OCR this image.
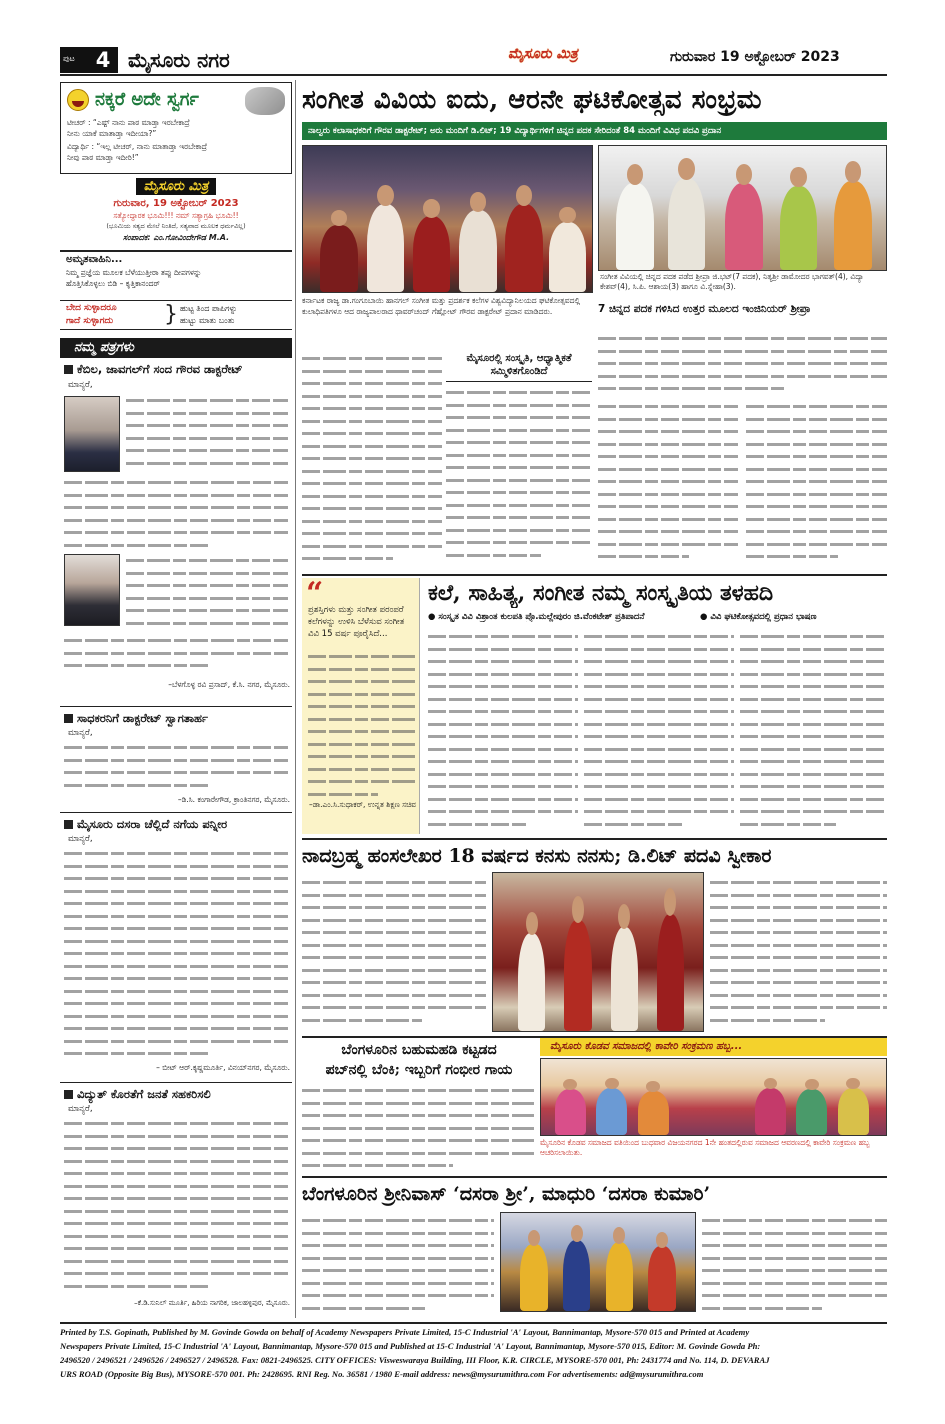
ಪುಟ 4 ಮೈಸೂರು ನಗರ	ಮೈಸೂರು ಮಿತ್ರ	ಗುರುವಾರ 19 ಅಕ್ಟೋಬರ್ 2023
ನಕ್ಕರೆ ಅದೇ ಸ್ವರ್ಗ
ಟೀಚರ್ : “ಎಷ್ಟ್ ನಾನು ಪಾಠ ಮಾಡ್ತಾ ಇರಬೇಕಾದ್ರೆ
ನೀನು ಯಾಕೆ ಮಾತಾಡ್ತಾ ಇದೀಯಾ?”
ವಿದ್ಯಾರ್ಥಿ : “ಇಲ್ಲ ಟೀಚರ್, ನಾನು ಮಾತಾಡ್ತಾ ಇರಬೇಕಾದ್ರೆ
ನೀವು ಪಾಠ ಮಾಡ್ತಾ ಇದೀರಿ!”
ಮೈಸೂರು ಮಿತ್ರ
ಗುರುವಾರ, 19 ಅಕ್ಟೋಬರ್ 2023
ಸತ್ಯೋದ್ಧಾರಕ ಭೂಮಿ!!! ನಮ್ ಸತ್ಯಾಗ್ರಹಿ ಭೂಮಿ!!
(ಭೂಮಿಯ ಸತ್ಯದ ಮೇಲೆ ನಿಂತಿದೆ, ಸತ್ಯವಾದ ಮೂಲಕ ಧರ್ಮವಿಲ್ಲ)
ಸಂಪಾದಕ: ಎಂ.ಗೋವಿಂದೇಗೌಡ M.A.
ಅಮೃತವಾಹಿನಿ...
ನಿಮ್ಮ ಪ್ರಜ್ಞೆಯ ಮೂಲಕ ಬೆಳೆಯುತ್ತೀರಾ ತಪ್ಪು ದೀಪಗಳನ್ನು
ಹೊತ್ತಿಸಿಕೊಳ್ಳಲು ಬಿಡಿ – ಕೃತ್ತಿಕಾನಂದರ್
ಬೇದ ಸುಳ್ಳಾದರೂ
ಗಾದೆ ಸುಳ್ಳಾಗದು } ಹುಟ್ಟ ತಿಂದ ಪಾಪಿಗಳ್ನು
ಹುಟ್ಟು ಮಾತು ಬಂತು
ನಮ್ಮ ಪತ್ರಗಳು
ಕೆಬಿಲ, ಜಾವಗಲ್‌ಗೆ ಸಂದ ಗೌರವ ಡಾಕ್ಟರೇಟ್
ಮಾನ್ಯರೆ,
–ಬೆಳಗೊಳ್ಳ ರವಿ ಪ್ರಸಾದ್, ಕೆ.ಸಿ. ನಗರ, ಮೈಸೂರು.
ಸಾಧಕರನಿಗೆ ಡಾಕ್ಟರೇಟ್ ಸ್ವಾಗತಾರ್ಹ
ಮಾನ್ಯರೆ,
–ಡಿ.ಸಿ. ಕಂಗಾರೇಗೌಡ, ಕ್ರಾಂತಿನಗರ, ಮೈಸೂರು.
ಮೈಸೂರು ದಸರಾ ಚೆಲ್ಲಿದೆ ನಗೆಯ ಪನ್ನೀರ
ಮಾನ್ಯರೆ,
– ಬೀಟ್ ಆರ್.ಕೃಷ್ಣಮೂರ್ತಿ, ವಿನಯ್‌ನಗರ, ಮೈಸೂರು.
ವಿದ್ಯುತ್ ಕೊರತೆಗೆ ಜನತೆ ಸಹಕರಿಸಲಿ
ಮಾನ್ಯರೆ,
–ಕೆ.ಡಿ.ಸುನಿಲ್ ಮೂರ್ತಿ, ಹಿರಿಯ ನಾಗರಿಕ, ಜಾಲಹಳ್ಳಿಪುರ, ಮೈಸೂರು.
ಸಂಗೀತ ವಿವಿಯ ಐದು, ಆರನೇ ಘಟಿಕೋತ್ಸವ ಸಂಭ್ರಮ
ನಾಲ್ವರು ಕಲಾಸಾಧಕರಿಗೆ ಗೌರವ ಡಾಕ್ಟರೇಟ್; ಅರು ಮಂದಿಗೆ ಡಿ.ಲಿಟ್; 19 ವಿದ್ಯಾರ್ಥಿಗಳಿಗೆ ಚಿನ್ನದ ಪದಕ ಸೇರಿದಂತೆ 84 ಮಂದಿಗೆ ವಿವಿಧ ಪದವಿ ಪ್ರದಾನ
ಸಂಗೀತ ವಿವಿಯಲ್ಲಿ ಚಿನ್ನದ ಪದಕ ಪಡೆದ ಶ್ರೀಪ್ರಾ ಜಿ.ಭಟ್(7 ಪದಕ), ನಿತ್ಯಶ್ರೀ ಡಾಮೋದರ ಭಾಗವತ್(4), ವಿದ್ಯಾ ಕೇಶವ್(4), ಸಿ.ಪಿ. ಆಶಾಯ(3) ಹಾಗೂ ವಿ.ಸ್ನೇಹಾ(3).
ಕರ್ನಾಟಕ ರಾಜ್ಯ ಡಾ.ಗಂಗೂಬಾಯಿ ಹಾನಗಲ್ ಸಂಗೀತ ಮತ್ತು ಪ್ರದರ್ಶಕ ಕಲೆಗಳ ವಿಶ್ವವಿದ್ಯಾನಿಲಯದ ಘಟಿಕೋತ್ಸವದಲ್ಲಿ ಕುಲಾಧಿಪತಿಗಳೂ ಆದ ರಾಜ್ಯಪಾಲರಾದ ಥಾವರ್‌ಚಂದ್ ಗೆಹ್ಲೋಟ್ ಗೌರವ ಡಾಕ್ಟರೇಟ್ ಪ್ರದಾನ ಮಾಡಿದರು.
ಮೈಸೂರಲ್ಲಿ ಸಂಸ್ಕೃತಿ, ಆಧ್ಯಾತ್ಮಿಕತೆ ಸಮ್ಮಿಳಿತಗೊಂಡಿದೆ
7 ಚಿನ್ನದ ಪದಕ ಗಳಿಸಿದ ಉತ್ತರ ಮೂಲದ ಇಂಜಿನಿಯರ್ ಶ್ರೀಪ್ರಾ
“
ಪ್ರಶಸ್ತಿಗಳು ಮತ್ತು ಸಂಗೀತ ಪರಂಪರೆ ಕಲೆಗಳನ್ನು ಉಳಿಸಿ ಬೆಳೆಸುವ ಸಂಗೀತ ವಿವಿ 15 ವರ್ಷ ಪೂರೈಸಿದೆ...
–ಡಾ.ಎಂ.ಸಿ.ಸುಧಾಕರ್, ಉನ್ನತ ಶಿಕ್ಷಣ ಸಚಿವ
ಕಲೆ, ಸಾಹಿತ್ಯ, ಸಂಗೀತ ನಮ್ಮ ಸಂಸ್ಕೃತಿಯ ತಳಹದಿ
● ಸಂಸ್ಕೃತ ವಿವಿ ವಿಶ್ರಾಂತ ಕುಲಪತಿ ಪ್ರೊ.ಮಲ್ಲೇಪುರಂ ಜಿ.ವೆಂಕಟೇಶ್ ಪ್ರತಿಪಾದನೆ	● ವಿವಿ ಘಟಿಕೋತ್ಸವದಲ್ಲಿ ಪ್ರಧಾನ ಭಾಷಣ
ನಾದಬ್ರಹ್ಮ ಹಂಸಲೇಖರ 18 ವರ್ಷದ ಕನಸು ನನಸು; ಡಿ.ಲಿಟ್ ಪದವಿ ಸ್ವೀಕಾರ
ಬೆಂಗಳೂರಿನ ಬಹುಮಹಡಿ ಕಟ್ಟಡದ
ಪಬ್‌ನಲ್ಲಿ ಬೆಂಕಿ; ಇಬ್ಬರಿಗೆ ಗಂಭೀರ ಗಾಯ
ಮೈಸೂರು ಕೊಡವ ಸಮಾಜದಲ್ಲಿ ಕಾವೇರಿ ಸಂಕ್ರಮಣ ಹಬ್ಬ...
ಮೈಸೂರಿನ ಕೊಡವ ಸಮಾಜದ ವತಿಯಿಂದ ಬುಧವಾರ ವಿಜಯನಗರದ 1ನೇ ಹಂತದಲ್ಲಿರುವ ಸಮಾಜದ ಆವರಣದಲ್ಲಿ ಕಾವೇರಿ ಸಂಕ್ರಮಣ ಹಬ್ಬ ಆಚರಿಸಲಾಯಿತು.
ಬೆಂಗಳೂರಿನ ಶ್ರೀನಿವಾಸ್ ‘ದಸರಾ ಶ್ರೀ’, ಮಾಧುರಿ ‘ದಸರಾ ಕುಮಾರಿ’
Printed by T.S. Gopinath, Published by M. Govinde Gowda on behalf of Academy Newspapers Private Limited, 15-C Industrial 'A' Layout, Bannimantap, Mysore-570 015 and Printed at Academy
Newspapers Private Limited, 15-C Industrial 'A' Layout, Bannimantap, Mysore-570 015 and Published at 15-C Industrial 'A' Layout, Bannimantap, Mysore-570 015, Editor: M. Govinde Gowda Ph:
2496520 / 2496521 / 2496526 / 2496527 / 2496528. Fax: 0821-2496525. CITY OFFICES: Visweswaraya Building, III Floor, K.R. CIRCLE, MYSORE-570 001, Ph: 2431774 and No. 114, D. DEVARAJ
URS ROAD (Opposite Big Bus), MYSORE-570 001. Ph: 2428695. RNI Reg. No. 36581 / 1980 E-mail address: news@mysurumithra.com For advertisements: ad@mysurumithra.com
